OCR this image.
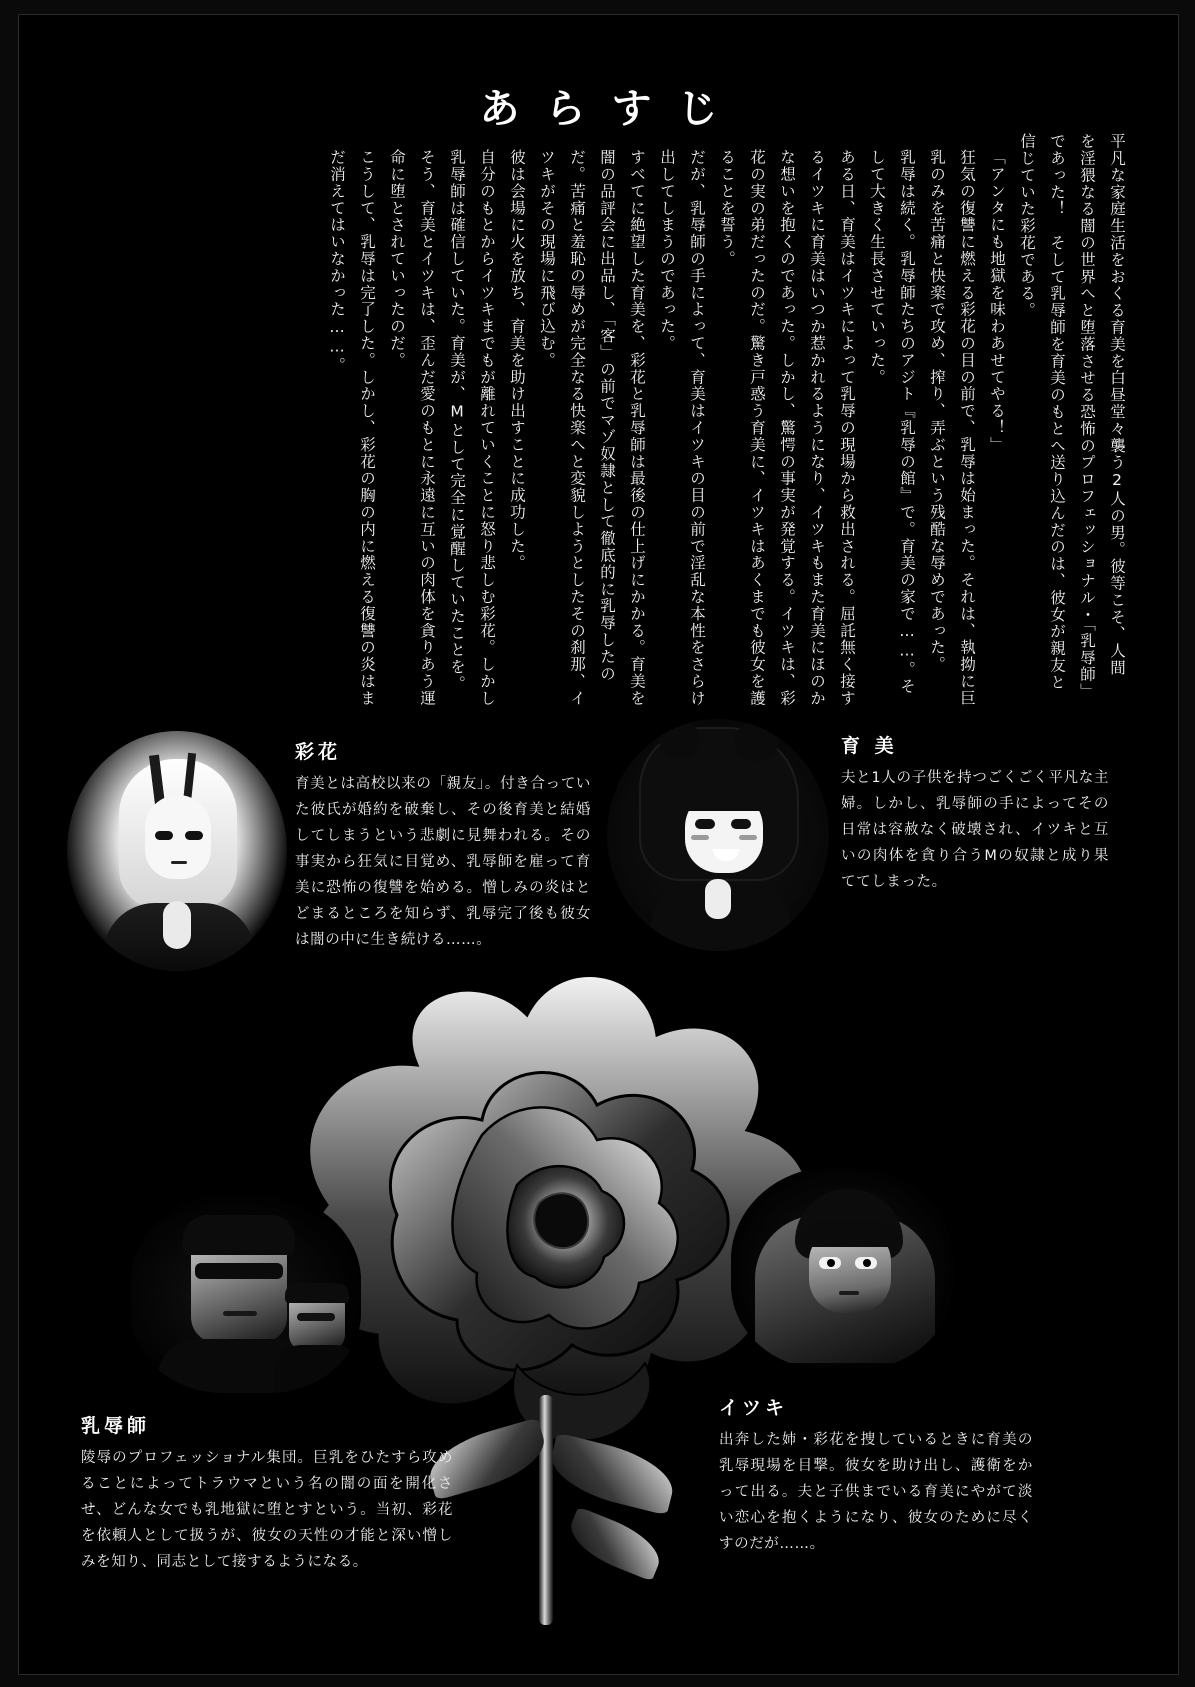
あらすじ
平凡な家庭生活をおくる育美を白昼堂々襲う2人の男。彼等こそ、人間を淫猥なる闇の世界へと堕落させる恐怖のプロフェッショナル・「乳辱師」であった！　そして乳辱師を育美のもとへ送り込んだのは、彼女が親友と信じていた彩花である。
「アンタにも地獄を味わあせてやる！」
狂気の復讐に燃える彩花の目の前で、乳辱は始まった。それは、執拗に巨乳のみを苦痛と快楽で攻め、搾り、弄ぶという残酷な辱めであった。
乳辱は続く。乳辱師たちのアジト『乳辱の館』で。育美の家で……。そして大きく生長させていった。
ある日、育美はイツキによって乳辱の現場から救出される。屈託無く接するイツキに育美はいつか惹かれるようになり、イツキもまた育美にほのかな想いを抱くのであった。しかし、驚愕の事実が発覚する。イツキは、彩花の実の弟だったのだ。驚き戸惑う育美に、イツキはあくまでも彼女を護ることを誓う。
だが、乳辱師の手によって、育美はイツキの目の前で淫乱な本性をさらけ出してしまうのであった。
すべてに絶望した育美を、彩花と乳辱師は最後の仕上げにかかる。育美を闇の品評会に出品し、「客」の前でマゾ奴隷として徹底的に乳辱したのだ。苦痛と羞恥の辱めが完全なる快楽へと変貌しようとしたその刹那、イツキがその現場に飛び込む。
彼は会場に火を放ち、育美を助け出すことに成功した。
自分のもとからイツキまでもが離れていくことに怒り悲しむ彩花。しかし乳辱師は確信していた。育美が、Mとして完全に覚醒していたことを。そう、育美とイツキは、歪んだ愛のもとに永遠に互いの肉体を貪りあう運命に堕とされていったのだ。
こうして、乳辱は完了した。しかし、彩花の胸の内に燃える復讐の炎はまだ消えてはいなかった……。
彩花
育美とは高校以来の「親友」。付き合っていた彼氏が婚約を破棄し、その後育美と結婚してしまうという悲劇に見舞われる。その事実から狂気に目覚め、乳辱師を雇って育美に恐怖の復讐を始める。憎しみの炎はとどまるところを知らず、乳辱完了後も彼女は闇の中に生き続ける……。
育 美
夫と1人の子供を持つごくごく平凡な主婦。しかし、乳辱師の手によってその日常は容赦なく破壊され、イツキと互いの肉体を貪り合うMの奴隷と成り果ててしまった。
乳辱師
陵辱のプロフェッショナル集団。巨乳をひたすら攻めることによってトラウマという名の闇の面を開化させ、どんな女でも乳地獄に堕とすという。当初、彩花を依頼人として扱うが、彼女の天性の才能と深い憎しみを知り、同志として接するようになる。
イツキ
出奔した姉・彩花を捜しているときに育美の乳辱現場を目撃。彼女を助け出し、護衛をかって出る。夫と子供までいる育美にやがて淡い恋心を抱くようになり、彼女のために尽くすのだが……。
